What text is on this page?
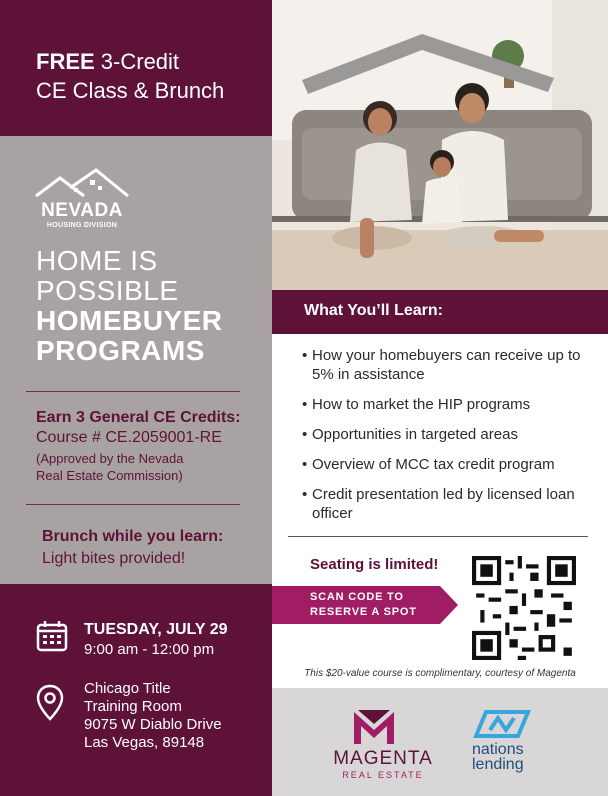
FREE 3-Credit
CE Class & Brunch
NEVADA
HOUSING DIVISION
HOME IS
POSSIBLE
HOMEBUYER
PROGRAMS
Earn 3 General CE Credits:
Course # CE.2059001-RE
(Approved by the Nevada
Real Estate Commission)
Brunch while you learn:
Light bites provided!
TUESDAY, JULY 29
9:00 am - 12:00 pm
Chicago Title
Training Room
9075 W Diablo Drive
Las Vegas, 89148
What You’ll Learn:
• How your homebuyers can receive up to 5% in assistance
• How to market the HIP programs
• Opportunities in targeted areas
• Overview of MCC tax credit program
• Credit presentation led by licensed loan officer
Seating is limited!
SCAN CODE TO
RESERVE A SPOT
This $20-value course is complimentary, courtesy of Magenta
MAGENTA
REAL ESTATE
nations
lending
